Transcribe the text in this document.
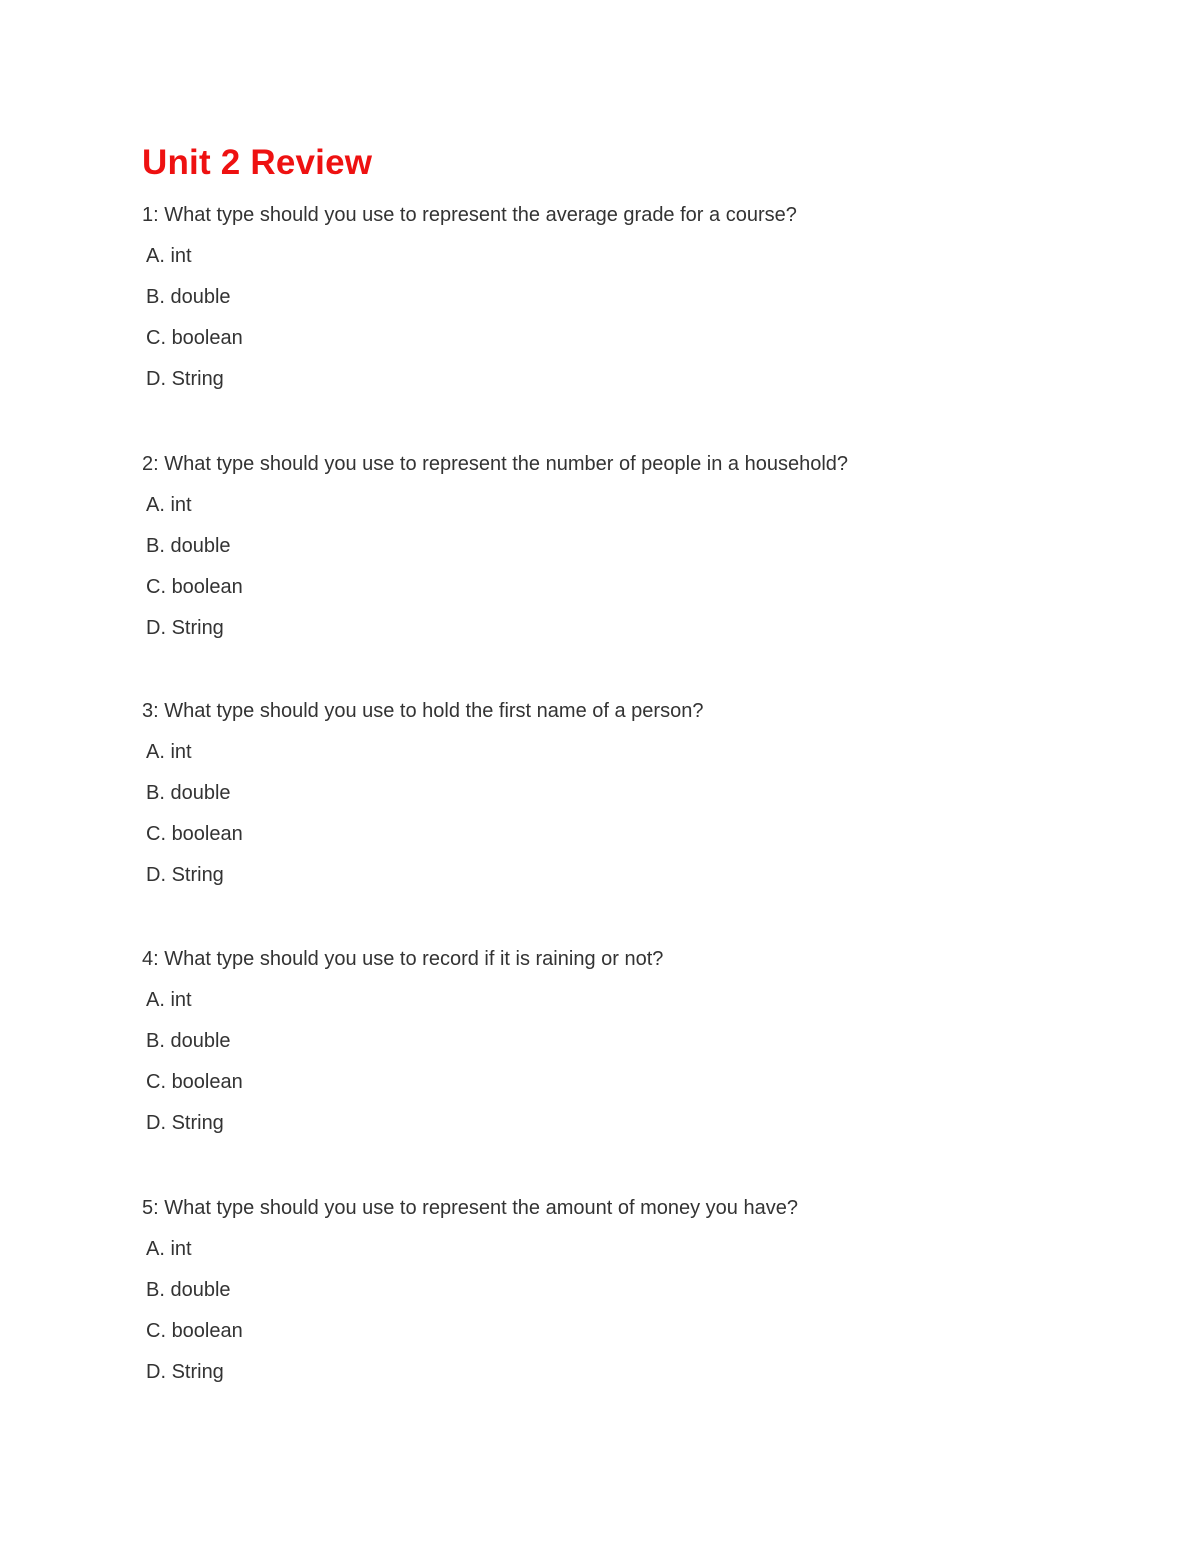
Unit 2 Review
1: What type should you use to represent the average grade for a course?
A. int
B. double
C. boolean
D. String
2: What type should you use to represent the number of people in a household?
A. int
B. double
C. boolean
D. String
3: What type should you use to hold the first name of a person?
A. int
B. double
C. boolean
D. String
4: What type should you use to record if it is raining or not?
A. int
B. double
C. boolean
D. String
5: What type should you use to represent the amount of money you have?
A. int
B. double
C. boolean
D. String
